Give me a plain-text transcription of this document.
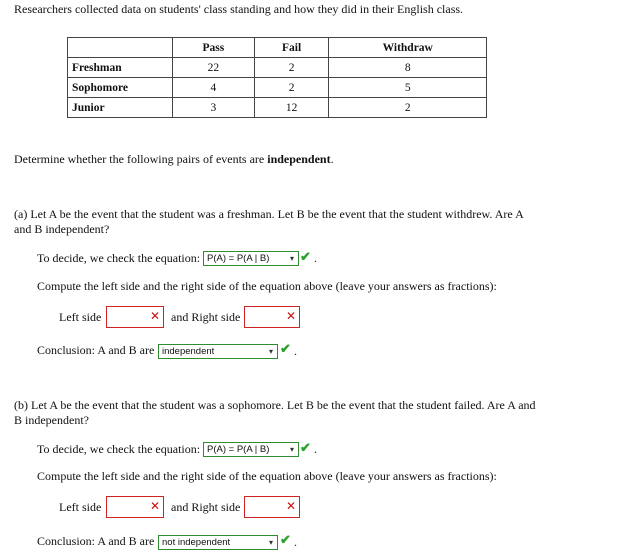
Researchers collected data on students' class standing and how they did in their English class.
	Pass	Fail	Withdraw
Freshman	22	2	8
Sophomore	4	2	5
Junior	3	12	2
Determine whether the following pairs of events are independent.
(a) Let A be the event that the student was a freshman. Let B be the event that the student withdrew. Are A
and B independent?
To decide, we check the equation: P(A) = P(A | B)	▾ ✔ .
Compute the left side and the right side of the equation above (leave your answers as fractions):
Left side	✕ and Right side	✕
Conclusion: A and B are independent	▾ ✔ .
(b) Let A be the event that the student was a sophomore. Let B be the event that the student failed. Are A and
B independent?
To decide, we check the equation: P(A) = P(A | B)	▾ ✔ .
Compute the left side and the right side of the equation above (leave your answers as fractions):
Left side	✕ and Right side	✕
Conclusion: A and B are not independent	▾ ✔ .
